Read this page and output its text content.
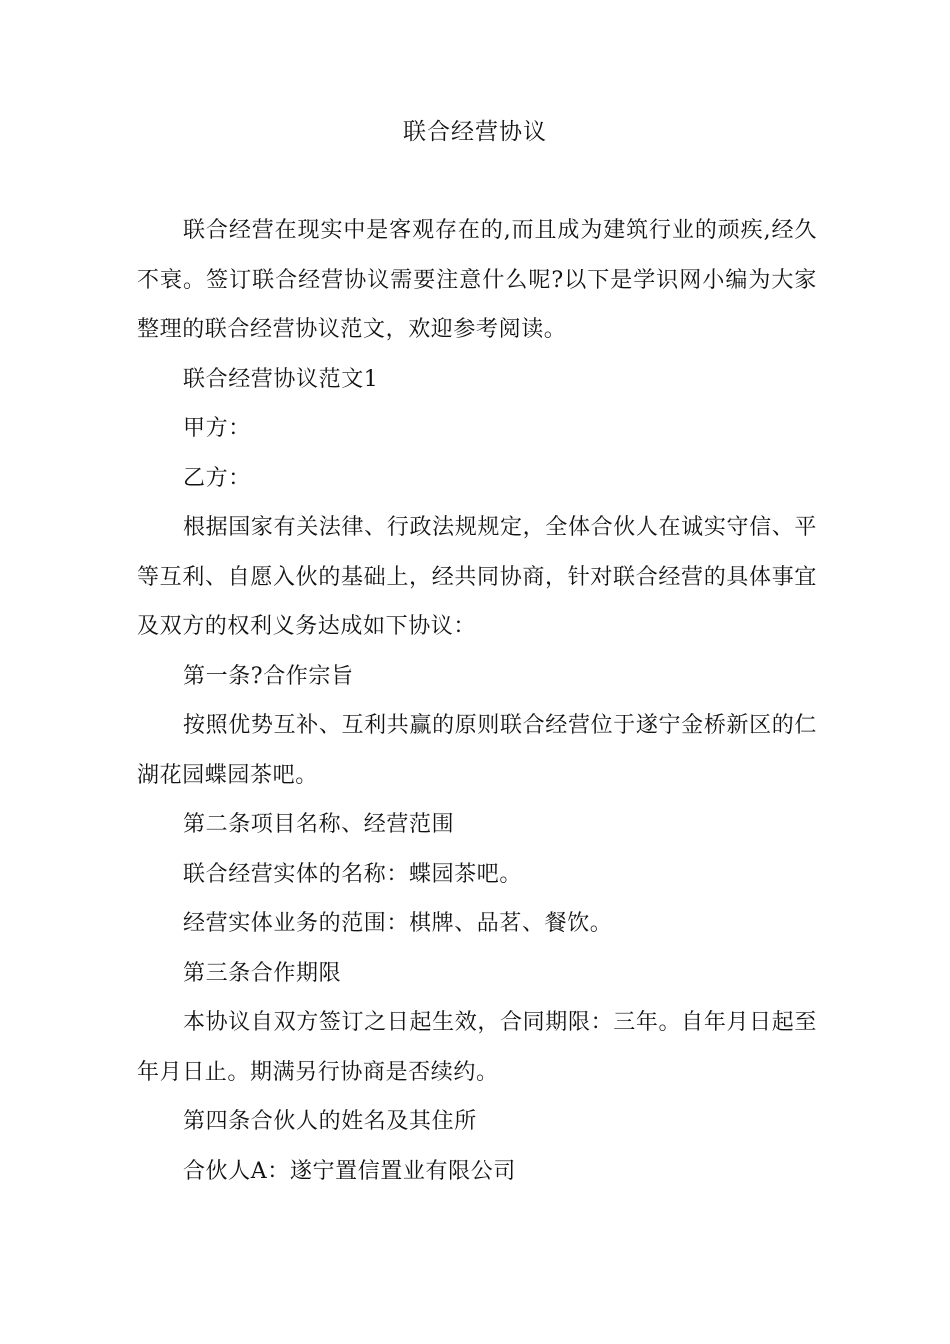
联合经营协议

联合经营在现实中是客观存在的,而且成为建筑行业的顽疾,经久不衰。签订联合经营协议需要注意什么呢?以下是学识网小编为大家整理的联合经营协议范文，欢迎参考阅读。

联合经营协议范文1

甲方：

乙方：

根据国家有关法律、行政法规规定，全体合伙人在诚实守信、平等互利、自愿入伙的基础上，经共同协商，针对联合经营的具体事宜及双方的权利义务达成如下协议：

第一条?合作宗旨

按照优势互补、互利共赢的原则联合经营位于遂宁金桥新区的仁湖花园蝶园茶吧。

第二条项目名称、经营范围

联合经营实体的名称：蝶园茶吧。

经营实体业务的范围：棋牌、品茗、餐饮。

第三条合作期限

本协议自双方签订之日起生效，合同期限：三年。自年月日起至年月日止。期满另行协商是否续约。

第四条合伙人的姓名及其住所

合伙人A：遂宁置信置业有限公司
